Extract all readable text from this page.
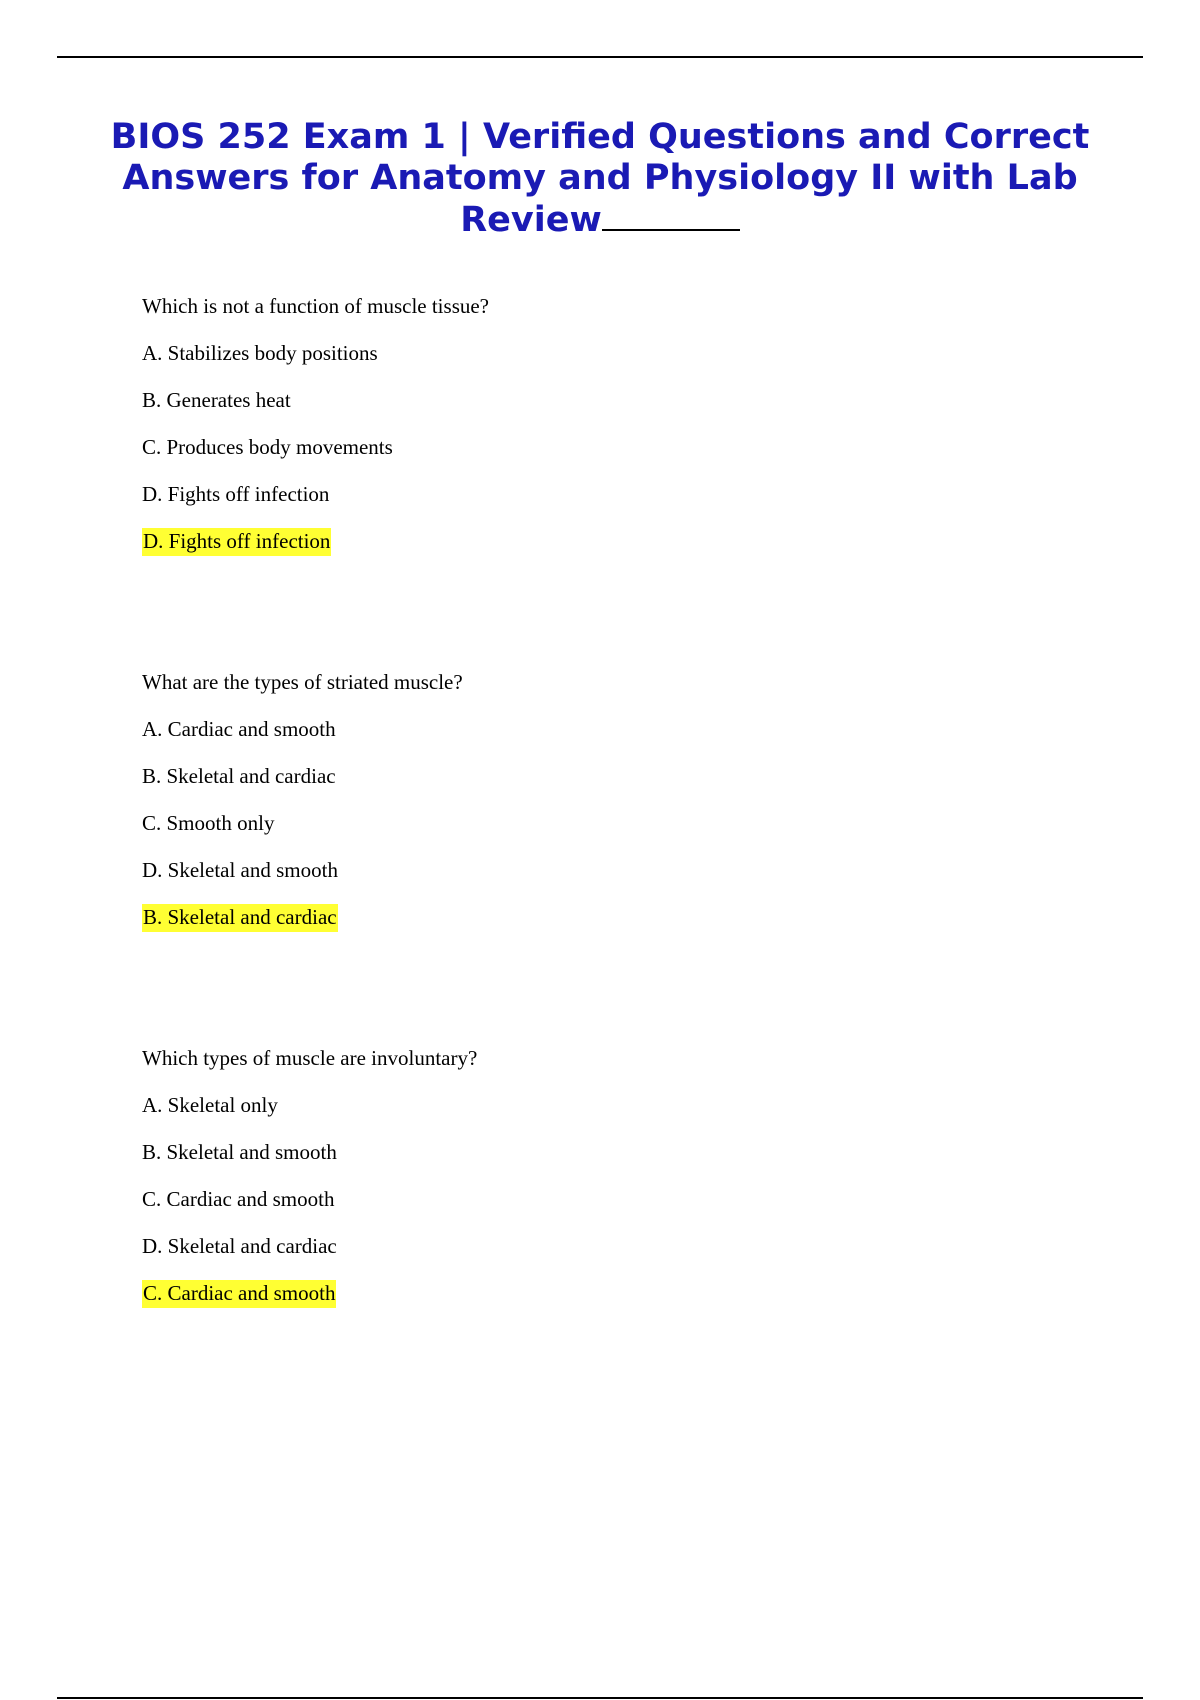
BIOS 252 Exam 1 | Verified Questions and Correct Answers for Anatomy and Physiology II with Lab Review
Which is not a function of muscle tissue?
A. Stabilizes body positions
B. Generates heat
C. Produces body movements
D. Fights off infection
D. Fights off infection
What are the types of striated muscle?
A. Cardiac and smooth
B. Skeletal and cardiac
C. Smooth only
D. Skeletal and smooth
B. Skeletal and cardiac
Which types of muscle are involuntary?
A. Skeletal only
B. Skeletal and smooth
C. Cardiac and smooth
D. Skeletal and cardiac
C. Cardiac and smooth
